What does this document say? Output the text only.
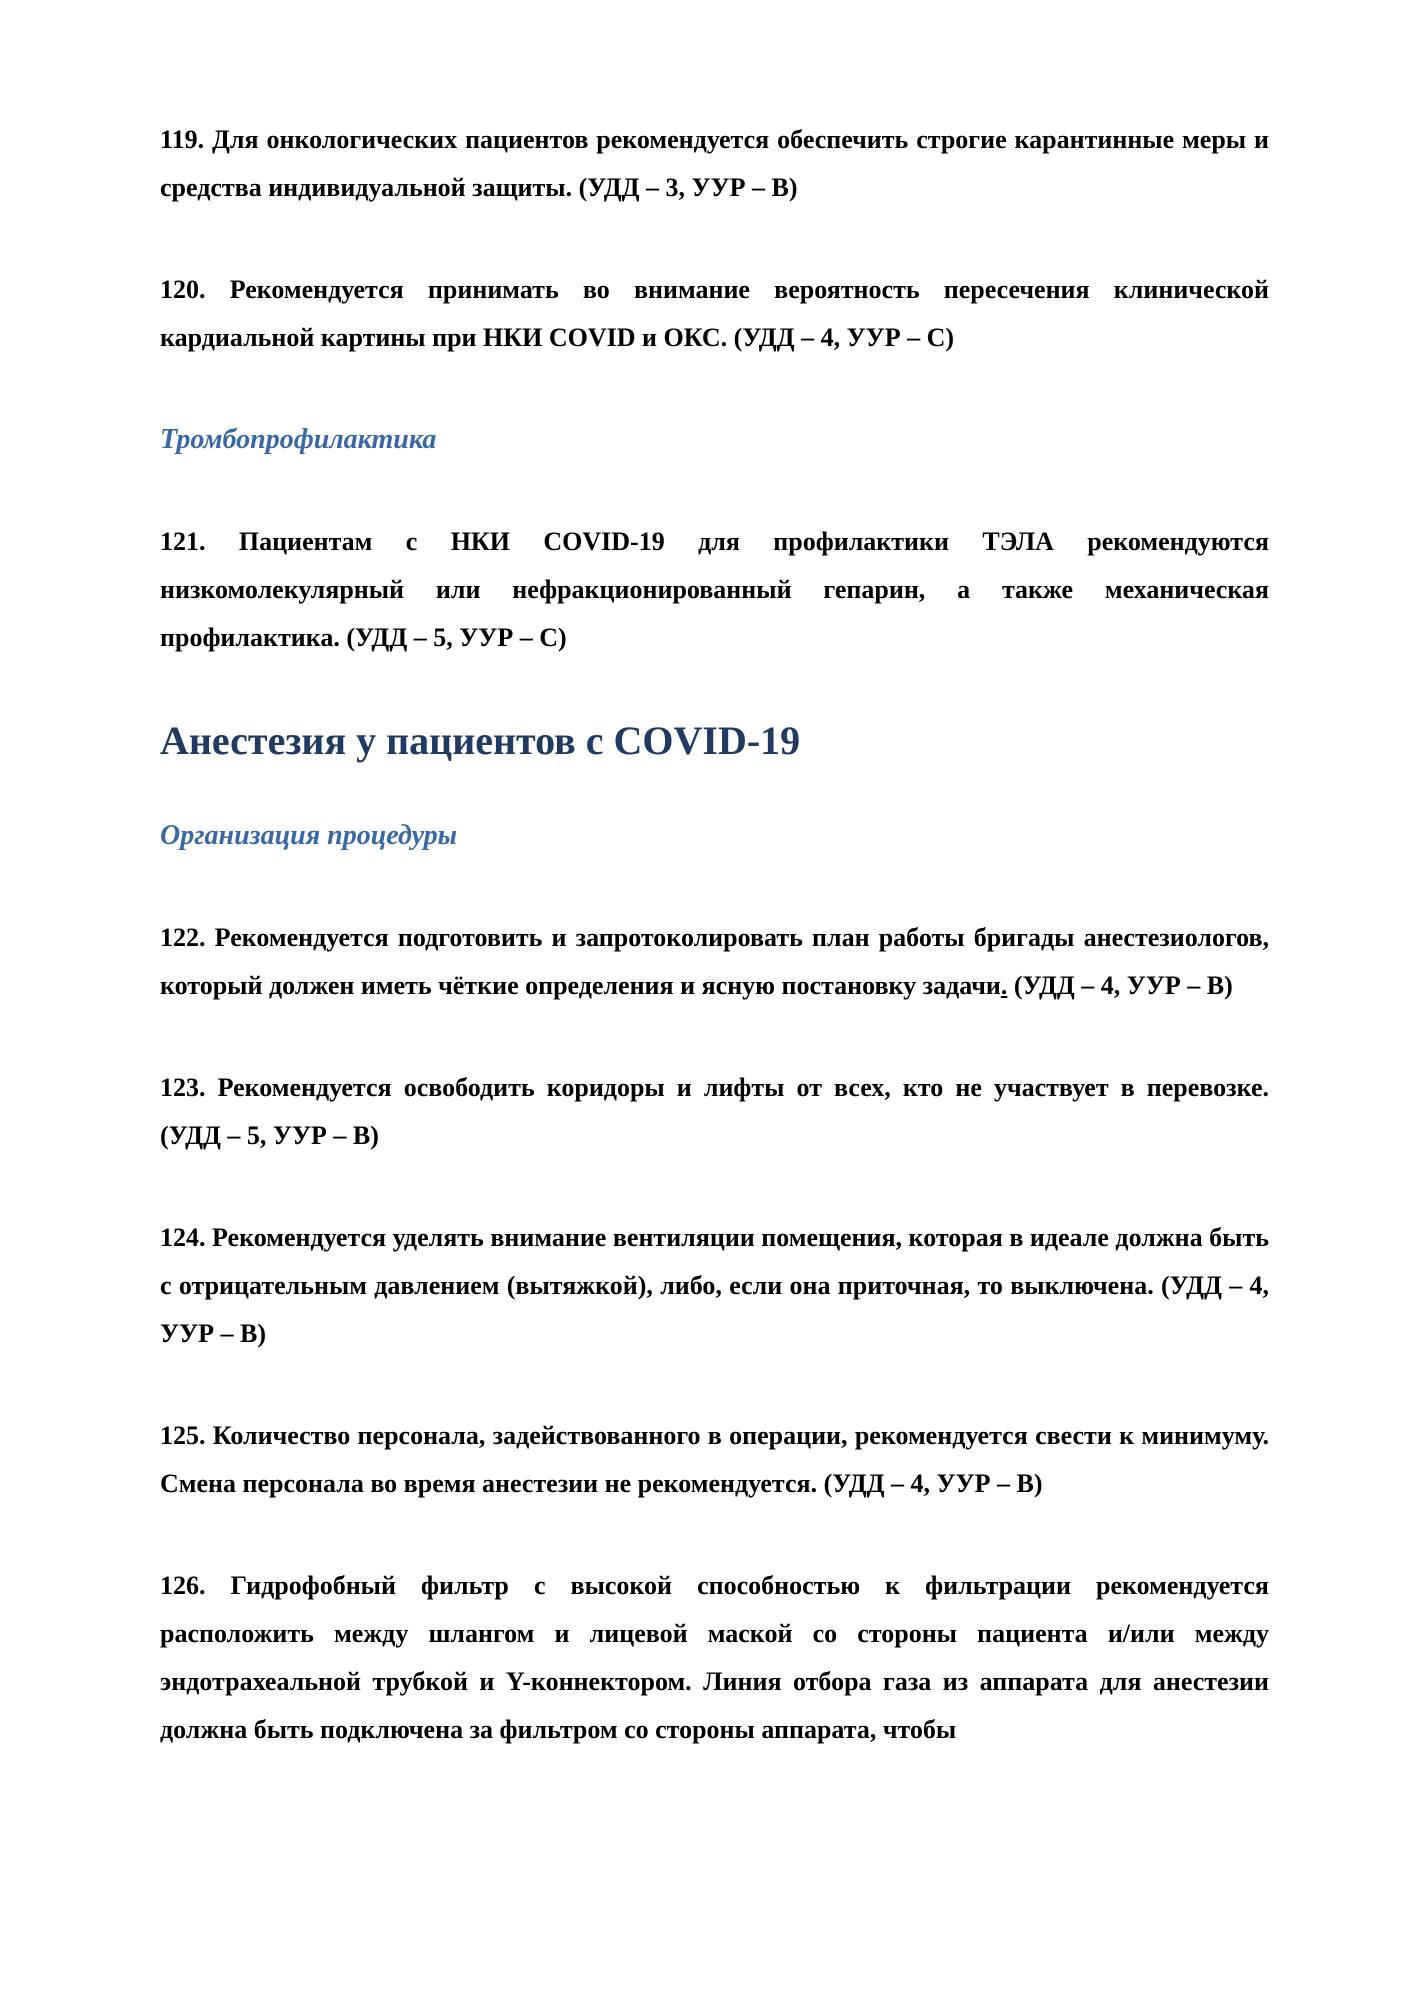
119. Для онкологических пациентов рекомендуется обеспечить строгие карантинные меры и средства индивидуальной защиты. (УДД – 3, УУР – В)

120. Рекомендуется принимать во внимание вероятность пересечения клинической кардиальной картины при НКИ COVID и ОКС. (УДД – 4, УУР – С)

Тромбопрофилактика

121. Пациентам с НКИ COVID-19 для профилактики ТЭЛА рекомендуются низкомолекулярный или нефракционированный гепарин, а также механическая профилактика. (УДД – 5, УУР – С)

Анестезия у пациентов с COVID-19
Организация процедуры

122. Рекомендуется подготовить и запротоколировать план работы бригады анестезиологов, который должен иметь чёткие определения и ясную постановку задачи. (УДД – 4, УУР – В)

123. Рекомендуется освободить коридоры и лифты от всех, кто не участвует в перевозке. (УДД – 5, УУР – В)

124. Рекомендуется уделять внимание вентиляции помещения, которая в идеале должна быть с отрицательным давлением (вытяжкой), либо, если она приточная, то выключена. (УДД – 4, УУР – В)

125. Количество персонала, задействованного в операции, рекомендуется свести к минимуму. Смена персонала во время анестезии не рекомендуется. (УДД – 4, УУР – В)

126. Гидрофобный фильтр с высокой способностью к фильтрации рекомендуется расположить между шлангом и лицевой маской со стороны пациента и/или между эндотрахеальной трубкой и Y-коннектором. Линия отбора газа из аппарата для анестезии должна быть подключена за фильтром со стороны аппарата, чтобы
